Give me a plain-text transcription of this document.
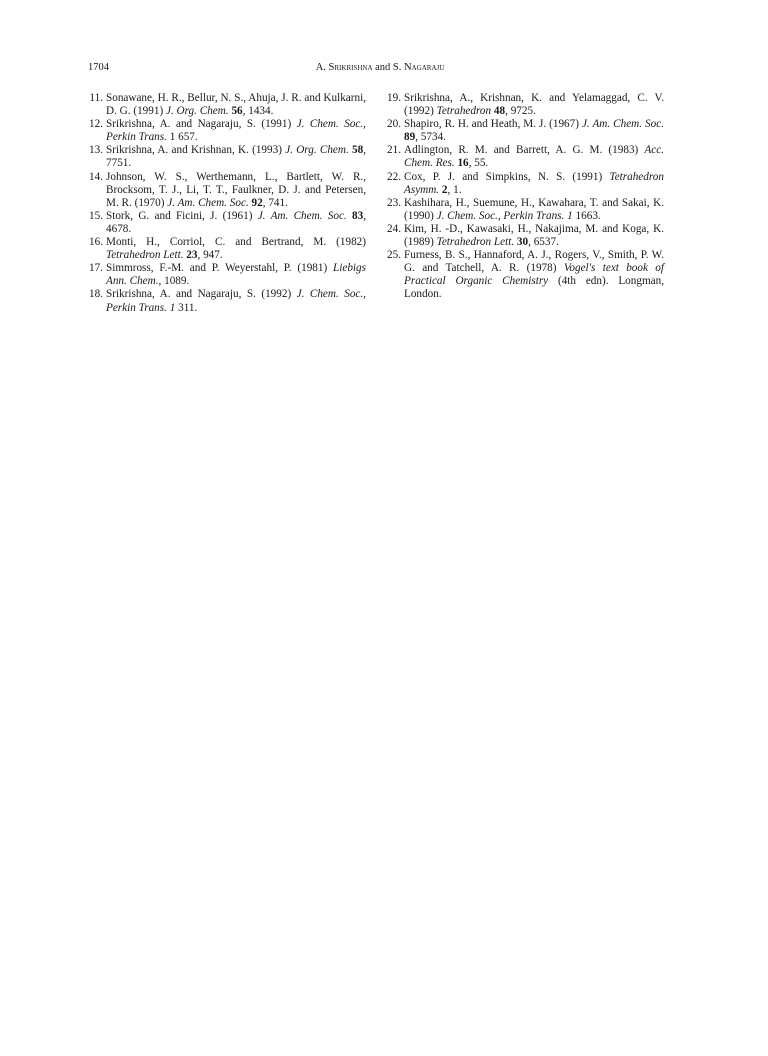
1704	A. Srikrishna and S. Nagaraju
11. Sonawane, H. R., Bellur, N. S., Ahuja, J. R. and Kulkarni, D. G. (1991) J. Org. Chem. 56, 1434.
12. Srikrishna, A. and Nagaraju, S. (1991) J. Chem. Soc., Perkin Trans. 1 657.
13. Srikrishna, A. and Krishnan, K. (1993) J. Org. Chem. 58, 7751.
14. Johnson, W. S., Werthemann, L., Bartlett, W. R., Brocksom, T. J., Li, T. T., Faulkner, D. J. and Petersen, M. R. (1970) J. Am. Chem. Soc. 92, 741.
15. Stork, G. and Ficini, J. (1961) J. Am. Chem. Soc. 83, 4678.
16. Monti, H., Corriol, C. and Bertrand, M. (1982) Tetrahedron Lett. 23, 947.
17. Simmross, F.-M. and P. Weyerstahl, P. (1981) Liebigs Ann. Chem., 1089.
18. Srikrishna, A. and Nagaraju, S. (1992) J. Chem. Soc., Perkin Trans. 1 311.
19. Srikrishna, A., Krishnan, K. and Yelamaggad, C. V. (1992) Tetrahedron 48, 9725.
20. Shapiro, R. H. and Heath, M. J. (1967) J. Am. Chem. Soc. 89, 5734.
21. Adlington, R. M. and Barrett, A. G. M. (1983) Acc. Chem. Res. 16, 55.
22. Cox, P. J. and Simpkins, N. S. (1991) Tetrahedron Asymm. 2, 1.
23. Kashihara, H., Suemune, H., Kawahara, T. and Sakai, K. (1990) J. Chem. Soc., Perkin Trans. 1 1663.
24. Kim, H. -D., Kawasaki, H., Nakajima, M. and Koga, K. (1989) Tetrahedron Lett. 30, 6537.
25. Furness, B. S., Hannaford, A. J., Rogers, V., Smith, P. W. G. and Tatchell, A. R. (1978) Vogel's text book of Practical Organic Chemistry (4th edn). Longman, London.
